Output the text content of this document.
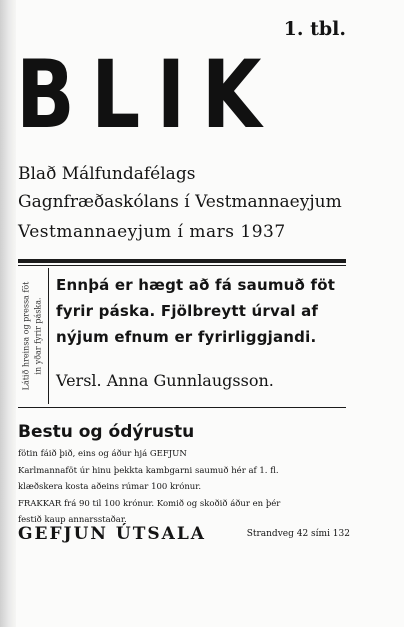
1. tbl.
BLIK
Blað Málfundafélags
Gagnfræðaskólans í Vestmannaeyjum
Vestmannaeyjum í mars 1937
Látið hreinsa og pressa föt in yðar fyrir páska.
Ennþá er hægt að fá saumuð föt
fyrir páska. Fjölbreytt úrval af
nýjum efnum er fyrirliggjandi.
Versl. Anna Gunnlaugsson.
Bestu og ódýrustu
fötin fáið þið, eins og áður hjá GEFJUN
Karlmannaföt úr hinu þekkta kambgarni saumuð hér af 1. fl.
klæðskera kosta aðeins rúmar 100 krónur.
FRAKKAR frá 90 til 100 krónur. Komið og skoðið áður en þér
festið kaup annarsstaðar.
GEFJUN ÚTSALA	Strandveg 42 sími 132
